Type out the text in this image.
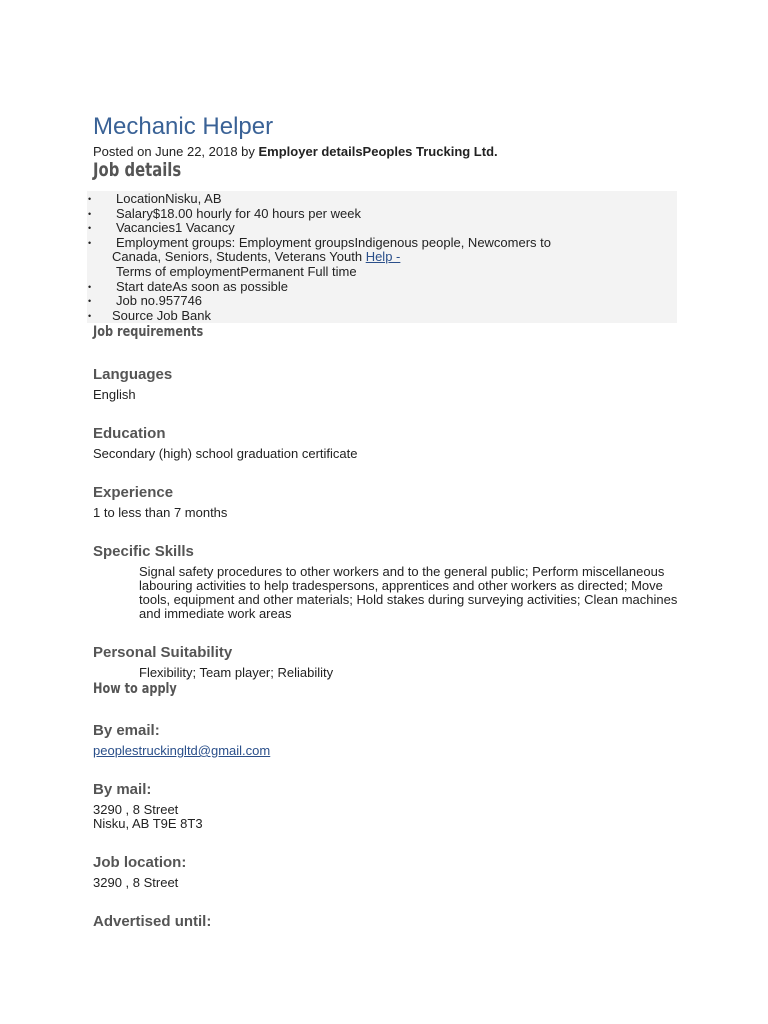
Mechanic Helper
Posted on June 22, 2018 by Employer detailsPeoples Trucking Ltd.
Job details
• LocationNisku, AB
• Salary$18.00 hourly for 40 hours per week
• Vacancies1 Vacancy
• Employment groups: Employment groupsIndigenous people, Newcomers to
Canada, Seniors, Students, Veterans Youth Help -
Terms of employmentPermanent Full time
• Start dateAs soon as possible
• Job no.957746
• Source Job Bank
Job requirements
Languages
English
Education
Secondary (high) school graduation certificate
Experience
1 to less than 7 months
Specific Skills
Signal safety procedures to other workers and to the general public; Perform miscellaneous labouring activities to help tradespersons, apprentices and other workers as directed; Move tools, equipment and other materials; Hold stakes during surveying activities; Clean machines and immediate work areas
Personal Suitability
Flexibility; Team player; Reliability
How to apply
By email:
peoplestruckingltd@gmail.com
By mail:
3290 , 8 Street
Nisku, AB T9E 8T3
Job location:
3290 , 8 Street
Advertised until:
